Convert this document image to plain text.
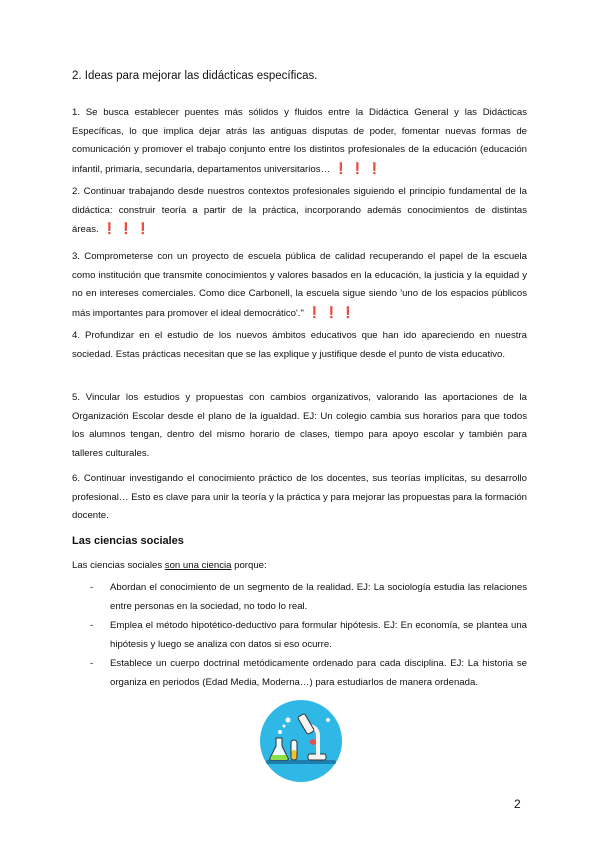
2. Ideas para mejorar las didácticas específicas.

1. Se busca establecer puentes más sólidos y fluidos entre la Didáctica General y las Didácticas Específicas, lo que implica dejar atrás las antiguas disputas de poder, fomentar nuevas formas de comunicación y promover el trabajo conjunto entre los distintos profesionales de la educación (educación infantil, primaria, secundaria, departamentos universitarios… ❗❗❗

2. Continuar trabajando desde nuestros contextos profesionales siguiendo el principio fundamental de la didáctica: construir teoría a partir de la práctica, incorporando además conocimientos de distintas áreas. ❗❗❗

3. Comprometerse con un proyecto de escuela pública de calidad recuperando el papel de la escuela como institución que transmite conocimientos y valores basados en la educación, la justicia y la equidad y no en intereses comerciales. Como dice Carbonell, la escuela sigue siendo 'uno de los espacios públicos más importantes para promover el ideal democrático'." ❗❗❗

4. Profundizar en el estudio de los nuevos ámbitos educativos que han ido apareciendo en nuestra sociedad. Estas prácticas necesitan que se las explique y justifique desde el punto de vista educativo.

5. Vincular los estudios y propuestas con cambios organizativos, valorando las aportaciones de la Organización Escolar desde el plano de la igualdad. EJ: Un colegio cambia sus horarios para que todos los alumnos tengan, dentro del mismo horario de clases, tiempo para apoyo escolar y también para talleres culturales.

6. Continuar investigando el conocimiento práctico de los docentes, sus teorías implícitas, su desarrollo profesional… Esto es clave para unir la teoría y la práctica y para mejorar las propuestas para la formación docente.

Las ciencias sociales

Las ciencias sociales son una ciencia porque:

- Abordan el conocimiento de un segmento de la realidad. EJ: La sociología estudia las relaciones entre personas en la sociedad, no todo lo real.
- Emplea el método hipotético-deductivo para formular hipótesis. EJ: En economía, se plantea una hipótesis y luego se analiza con datos si eso ocurre.
- Establece un cuerpo doctrinal metódicamente ordenado para cada disciplina. EJ: La historia se organiza en periodos (Edad Media, Moderna…) para estudiarlos de manera ordenada.

2
